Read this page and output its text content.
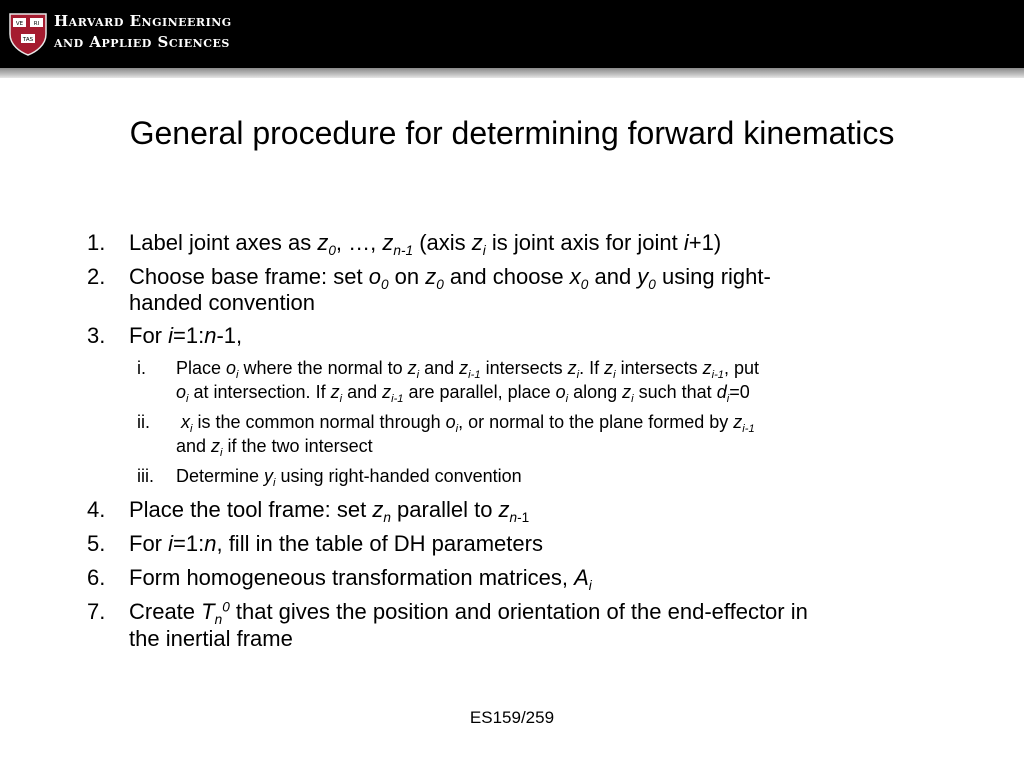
VE RI
TAS
Harvard Engineering
and Applied Sciences
General procedure for determining forward kinematics
1.	Label joint axes as $z_0$, …, $z_{n-1}$ (axis $z_i$ is joint axis for joint i+1)
2.	Choose base frame: set $o_0$ on $z_0$ and choose $x_0$ and $y_0$ using right-
handed convention
3.	For i=1:n-1,
i.	Place $o_i$ where the normal to $z_i$ and $z_{i-1}$ intersects $z_i$. If $z_i$ intersects $z_{i-1}$, put
$o_i$ at intersection. If $z_i$ and $z_{i-1}$ are parallel, place $o_i$ along $z_i$ such that $d_i=0$
ii.	$x_i$ is the common normal through $o_i$, or normal to the plane formed by $z_{i-1}$
and $z_i$ if the two intersect
iii.	Determine $y_i$ using right-handed convention
4.	Place the tool frame: set $z_n$ parallel to $z_{n-1}$
5.	For i=1:n, fill in the table of DH parameters
6.	Form homogeneous transformation matrices, $A_i$
7.	Create $T_n^0$ that gives the position and orientation of the end-effector in
the inertial frame
ES159/259
